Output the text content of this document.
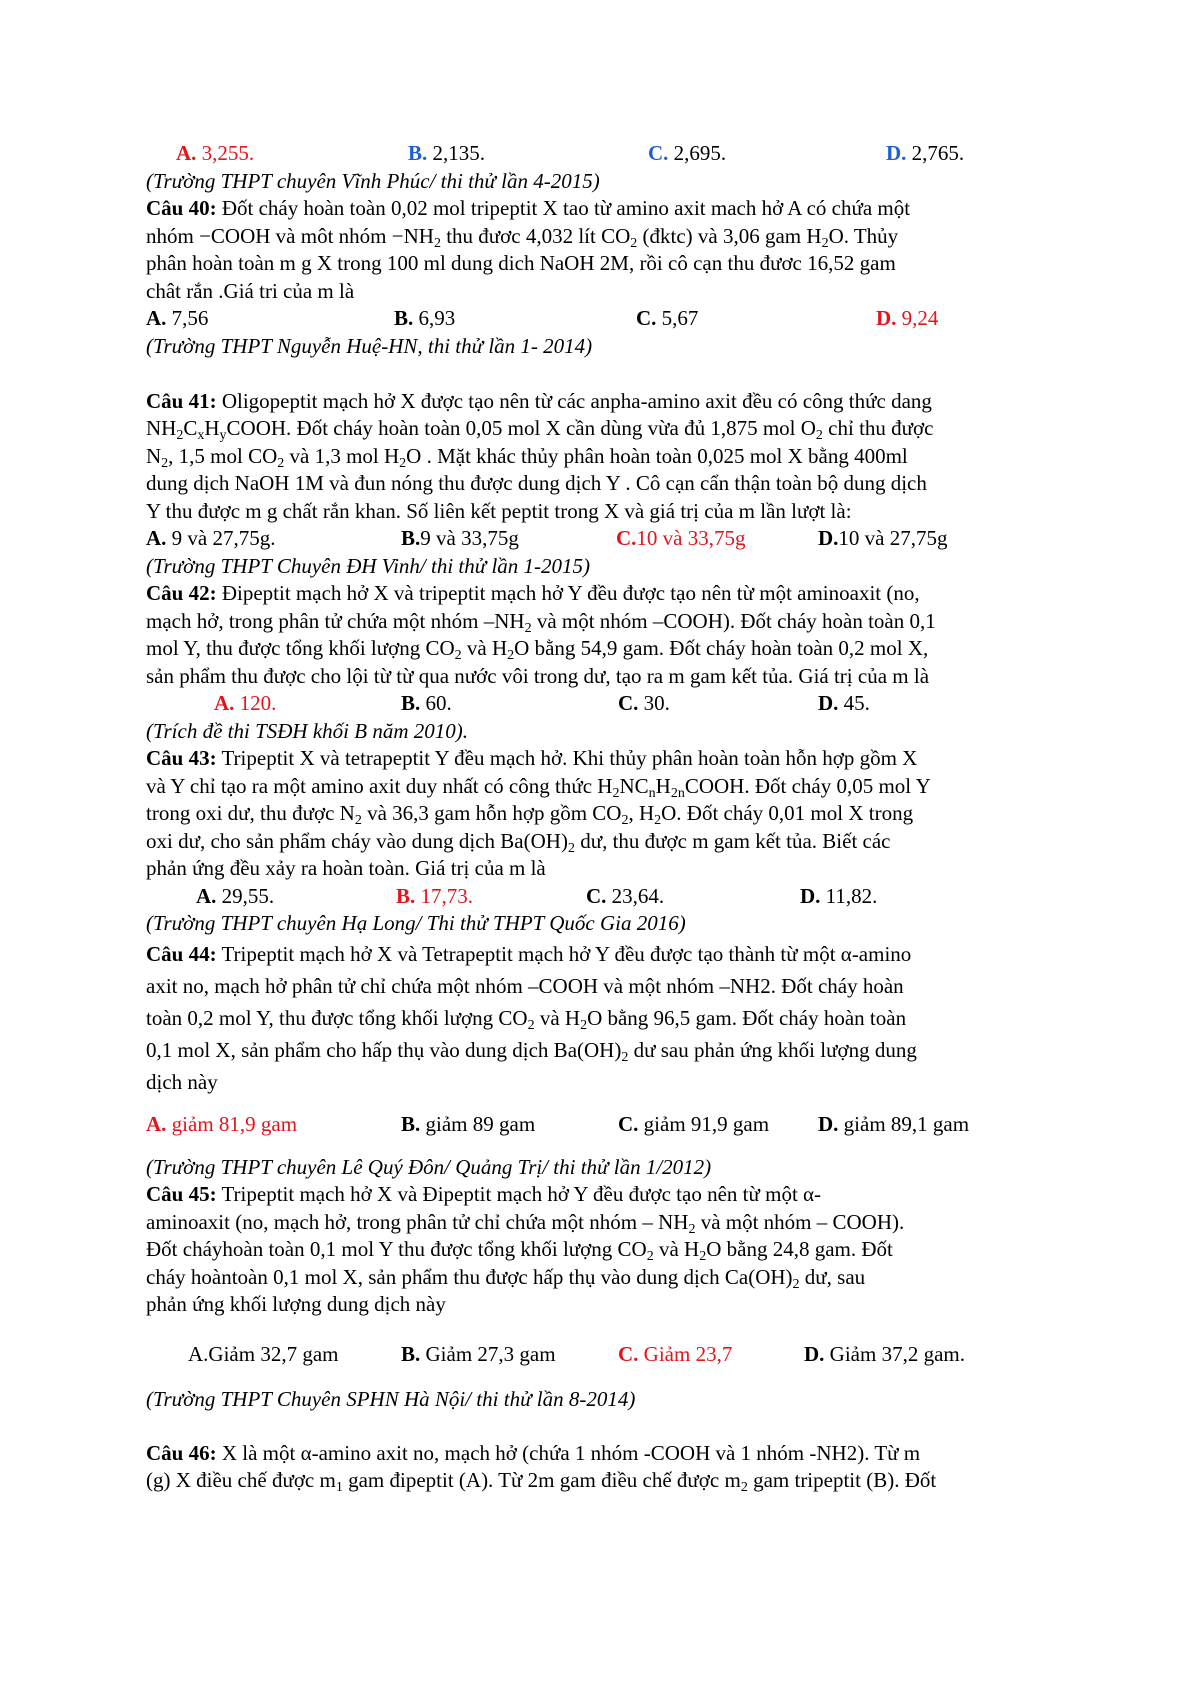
A. 3,255.	B. 2,135.	C. 2,695.	D. 2,765.
(Trường THPT chuyên Vĩnh Phúc/ thi thử lần 4-2015)
Câu 40: Đốt cháy hoàn toàn 0,02 mol tripeptit X tao từ amino axit mach hở A có chứa một
nhóm −COOH và môt nhóm $-NH_2$ thu đươc 4,032 lít $CO_2$ (đktc) và 3,06 gam $H_2O$. Thủy
phân hoàn toàn m g X trong 100 ml dung dich NaOH 2M, rồi cô cạn thu đươc 16,52 gam
chât rắn .Giá tri của m là
A. 7,56	B. 6,93	C. 5,67	D. 9,24
(Trường THPT Nguyễn Huệ-HN, thi thử lần 1- 2014)
Câu 41: Oligopeptit mạch hở X được tạo nên từ các anpha-amino axit đều có công thức dang
$NH_2C_xH_yCOOH$. Đốt cháy hoàn toàn 0,05 mol X cần dùng vừa đủ 1,875 mol $O_2$ chỉ thu được
$N_2$, 1,5 mol $CO_2$ và 1,3 mol $H_2O$ . Mặt khác thủy phân hoàn toàn 0,025 mol X bằng 400ml
dung dịch NaOH 1M và đun nóng thu được dung dịch Y . Cô cạn cẩn thận toàn bộ dung dịch
Y thu được m g chất rắn khan. Số liên kết peptit trong X và giá trị của m lần lượt là:
A. 9 và 27,75g.	B.9 và 33,75g	C.10 và 33,75g	D.10 và 27,75g
(Trường THPT Chuyên ĐH Vinh/ thi thử lần 1-2015)
Câu 42: Đipeptit mạch hở X và tripeptit mạch hở Y đều được tạo nên từ một aminoaxit (no,
mạch hở, trong phân tử chứa một nhóm $-NH_2$ và một nhóm –COOH). Đốt cháy hoàn toàn 0,1
mol Y, thu được tổng khối lượng $CO_2$ và $H_2O$ bằng 54,9 gam. Đốt cháy hoàn toàn 0,2 mol X,
sản phẩm thu được cho lội từ từ qua nước vôi trong dư, tạo ra m gam kết tủa. Giá trị của m là
A. 120.	B. 60.	C. 30.	D. 45.
(Trích đề thi TSĐH khối B năm 2010).
Câu 43: Tripeptit X và tetrapeptit Y đều mạch hở. Khi thủy phân hoàn toàn hỗn hợp gồm X
và Y chỉ tạo ra một amino axit duy nhất có công thức $H_2NC_nH_{2n}COOH$. Đốt cháy 0,05 mol Y
trong oxi dư, thu được $N_2$ và 36,3 gam hỗn hợp gồm $CO_2$, $H_2O$. Đốt cháy 0,01 mol X trong
oxi dư, cho sản phẩm cháy vào dung dịch $Ba(OH)_2$ dư, thu được m gam kết tủa. Biết các
phản ứng đều xảy ra hoàn toàn. Giá trị của m là
A. 29,55.	B. 17,73.	C. 23,64.	D. 11,82.
(Trường THPT chuyên Hạ Long/ Thi thử THPT Quốc Gia 2016)
Câu 44: Tripeptit mạch hở X và Tetrapeptit mạch hở Y đều được tạo thành từ một α-amino
axit no, mạch hở phân tử chỉ chứa một nhóm –COOH và một nhóm –NH2. Đốt cháy hoàn
toàn 0,2 mol Y, thu được tổng khối lượng $CO_2$ và $H_2O$ bằng 96,5 gam. Đốt cháy hoàn toàn
0,1 mol X, sản phẩm cho hấp thụ vào dung dịch $Ba(OH)_2$ dư sau phản ứng khối lượng dung
dịch này
A. giảm 81,9 gam	B. giảm 89 gam	C. giảm 91,9 gam D. giảm 89,1 gam
(Trường THPT chuyên Lê Quý Đôn/ Quảng Trị/ thi thử lần 1/2012)
Câu 45: Tripeptit mạch hở X và Đipeptit mạch hở Y đều được tạo nên từ một α-
aminoaxit (no, mạch hở, trong phân tử chỉ chứa một nhóm – $NH_2$ và một nhóm – COOH).
Đốt cháyhoàn toàn 0,1 mol Y thu được tổng khối lượng $CO_2$ và $H_2O$ bằng 24,8 gam. Đốt
cháy hoàntoàn 0,1 mol X, sản phẩm thu được hấp thụ vào dung dịch $Ca(OH)_2$ dư, sau
phản ứng khối lượng dung dịch này
A.Giảm 32,7 gam	B. Giảm 27,3 gam	C. Giảm 23,7	D. Giảm 37,2 gam.
(Trường THPT Chuyên SPHN Hà Nội/ thi thử lần 8-2014)
Câu 46: X là một α-amino axit no, mạch hở (chứa 1 nhóm -COOH và 1 nhóm -NH2). Từ m
(g) X điều chế được $m_1$ gam đipeptit (A). Từ 2m gam điều chế được $m_2$ gam tripeptit (B). Đốt
